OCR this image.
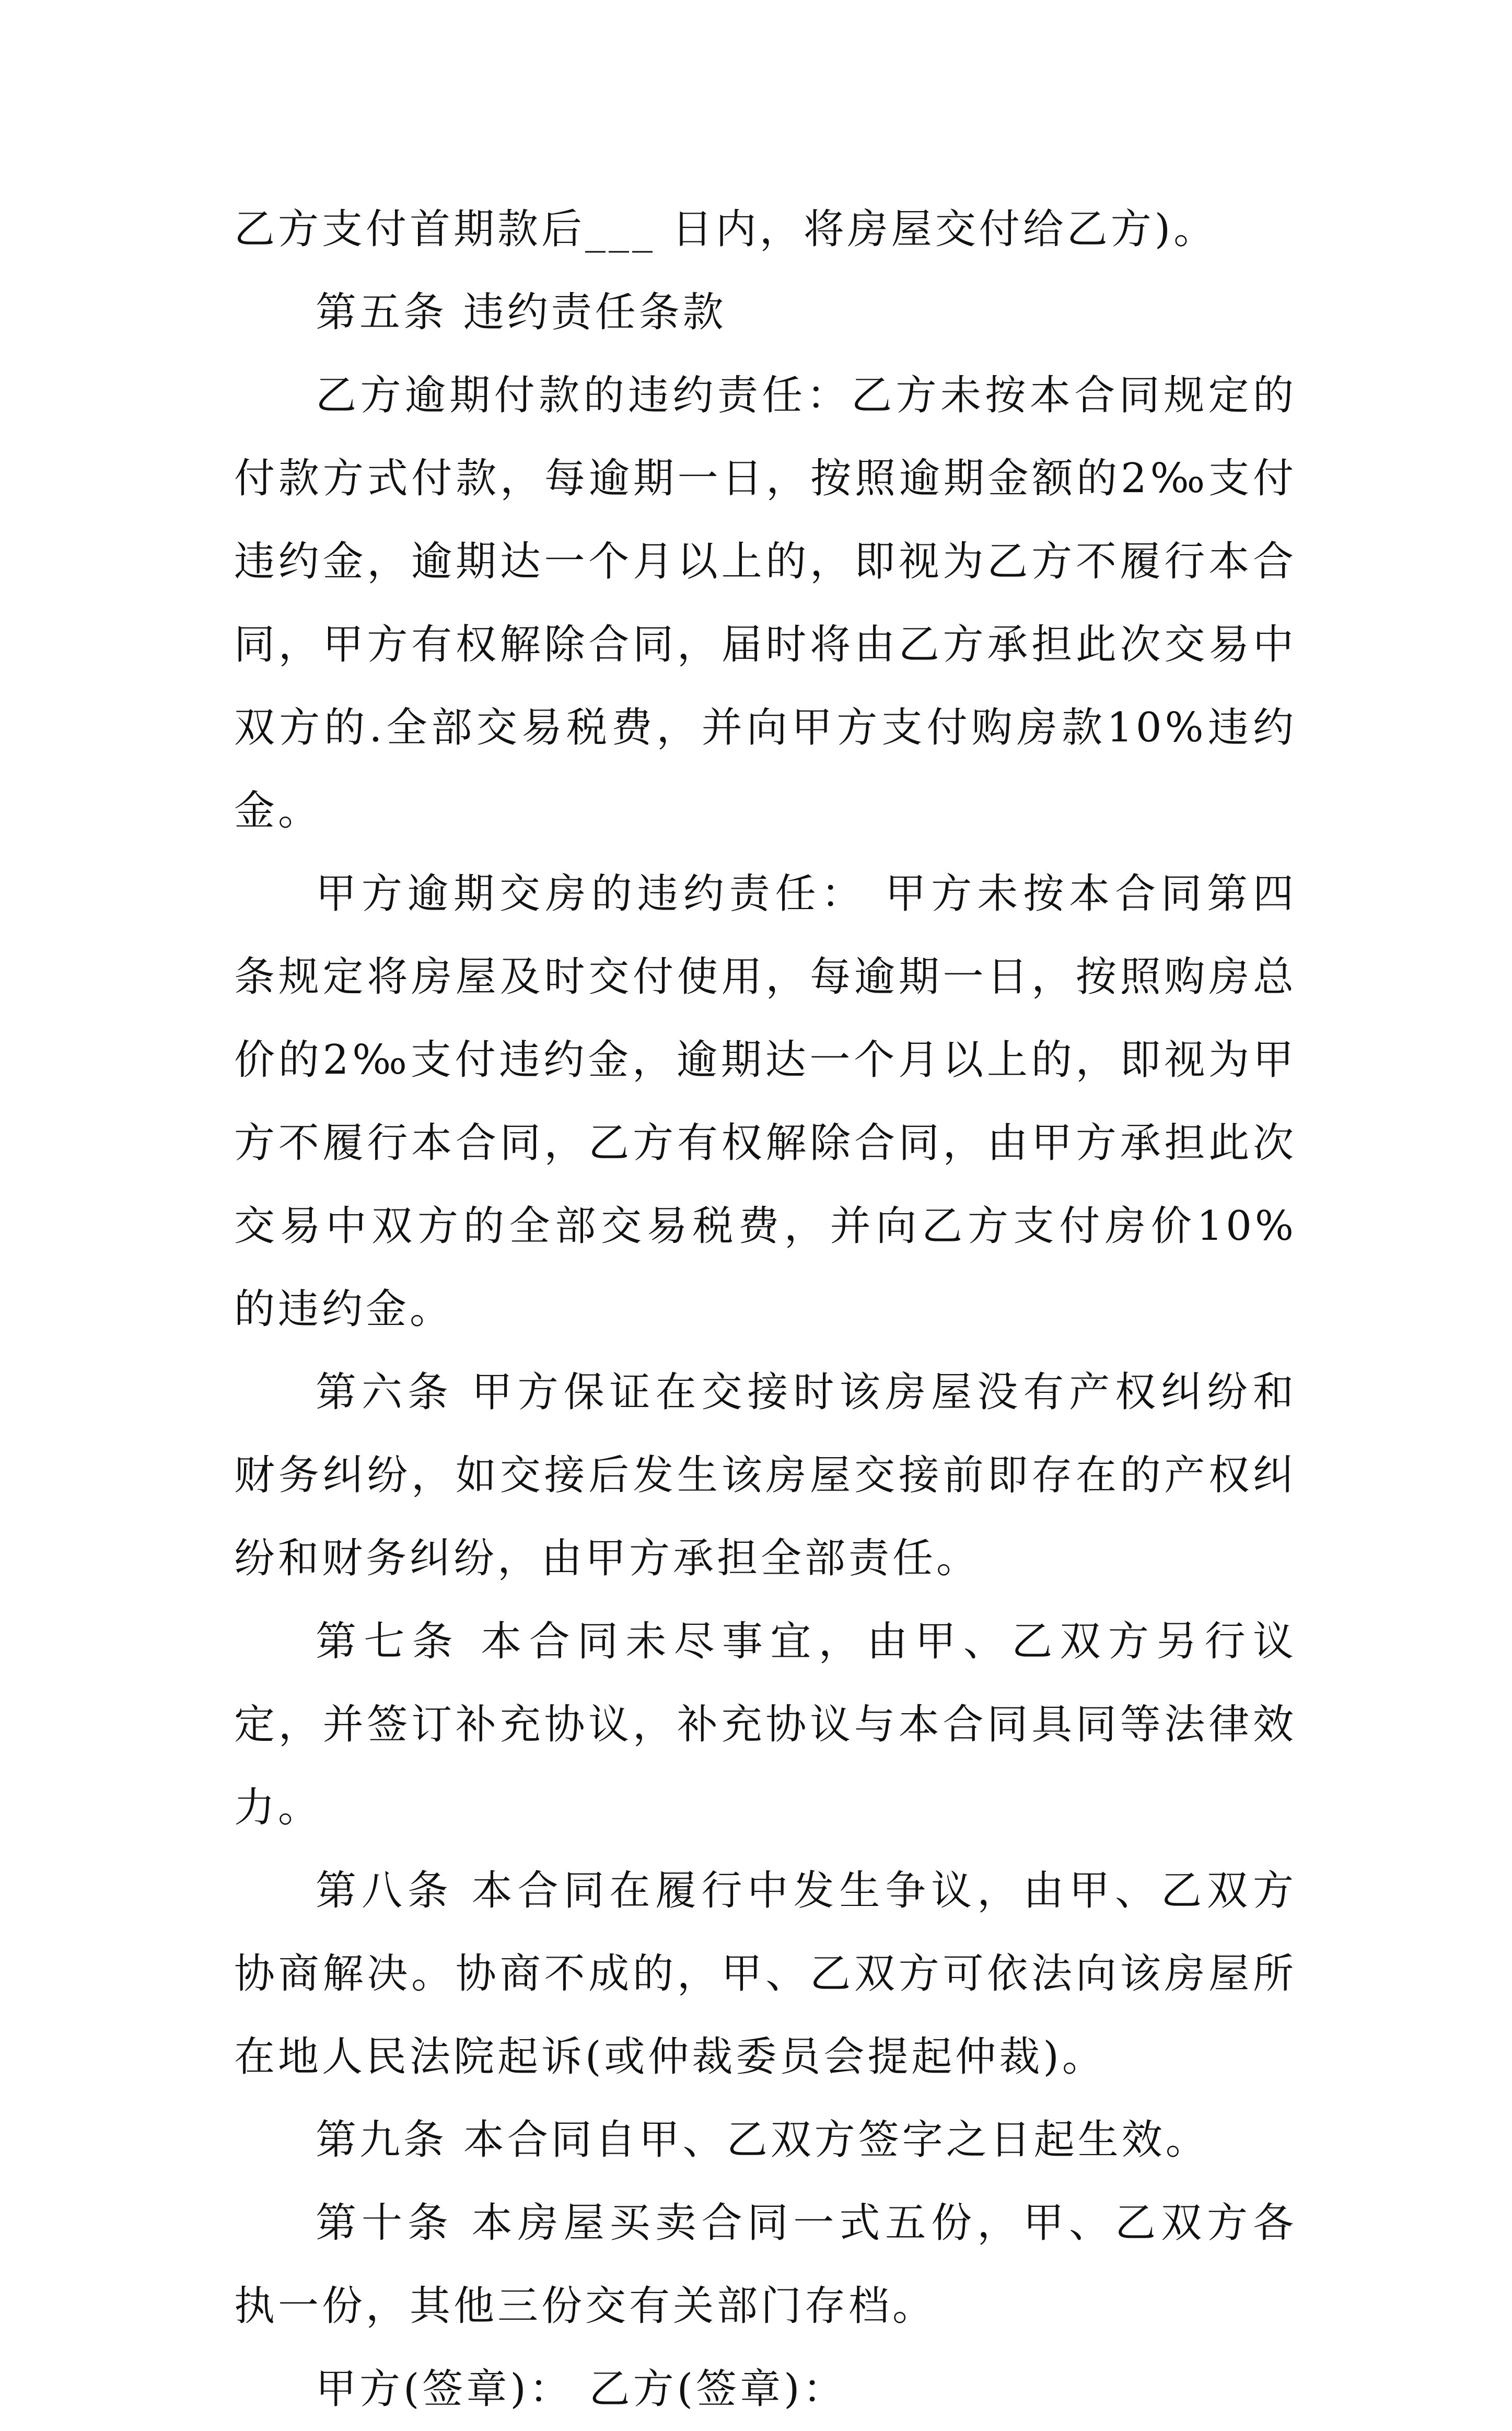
乙方支付首期款后___ 日内，将房屋交付给乙方)。

第五条 违约责任条款

乙方逾期付款的违约责任：乙方未按本合同规定的付款方式付款，每逾期一日，按照逾期金额的2‰支付违约金，逾期达一个月以上的，即视为乙方不履行本合同，甲方有权解除合同，届时将由乙方承担此次交易中双方的.全部交易税费，并向甲方支付购房款10%违约金。

甲方逾期交房的违约责任： 甲方未按本合同第四条规定将房屋及时交付使用，每逾期一日，按照购房总价的2‰支付违约金，逾期达一个月以上的，即视为甲方不履行本合同，乙方有权解除合同，由甲方承担此次交易中双方的全部交易税费，并向乙方支付房价10%的违约金。

第六条 甲方保证在交接时该房屋没有产权纠纷和财务纠纷，如交接后发生该房屋交接前即存在的产权纠纷和财务纠纷，由甲方承担全部责任。

第七条 本合同未尽事宜，由甲、乙双方另行议定，并签订补充协议，补充协议与本合同具同等法律效力。

第八条 本合同在履行中发生争议，由甲、乙双方协商解决。协商不成的，甲、乙双方可依法向该房屋所在地人民法院起诉(或仲裁委员会提起仲裁)。

第九条 本合同自甲、乙双方签字之日起生效。

第十条 本房屋买卖合同一式五份，甲、乙双方各执一份，其他三份交有关部门存档。

甲方(签章)： 乙方(签章)：
